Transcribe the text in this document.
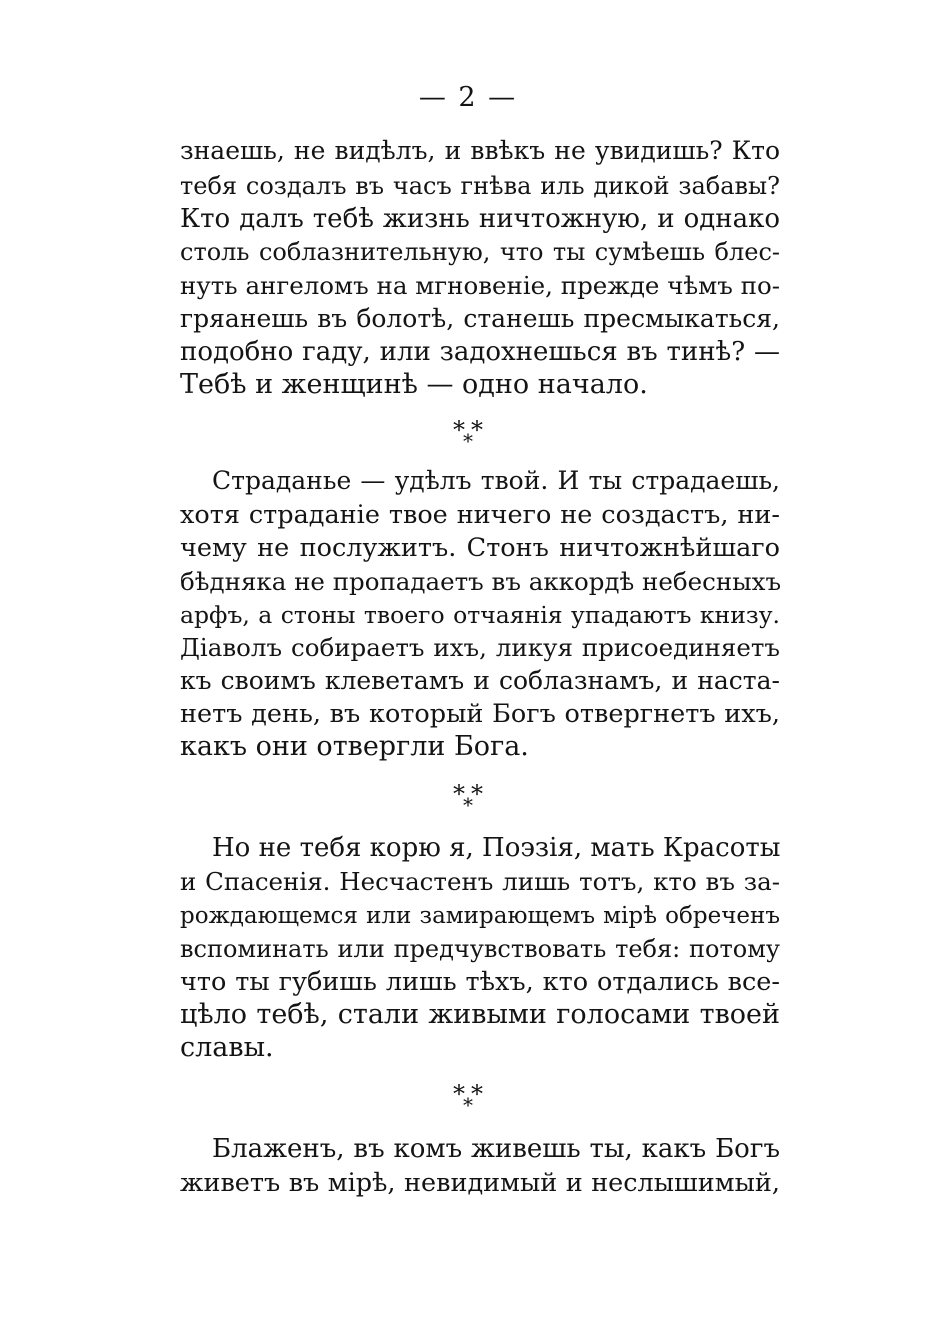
— 2 —
знаешь, не видѣлъ, и ввѣкъ не увидишь? Кто
тебя создалъ въ часъ гнѣва иль дикой забавы?
Кто далъ тебѣ жизнь ничтожную, и однако
столь соблазнительную, что ты сумѣешь блес-
нуть ангеломъ на мгновеніе, прежде чѣмъ по-
гряанешь въ болотѣ, станешь пресмыкаться,
подобно гаду, или задохнешься въ тинѣ? —
Тебѣ и женщинѣ — одно начало.
***
Страданье — удѣлъ твой. И ты страдаешь,
хотя страданіе твое ничего не создастъ, ни-
чему не послужитъ. Стонъ ничтожнѣйшаго
бѣдняка не пропадаетъ въ аккордѣ небесныхъ
арфъ, а стоны твоего отчаянія упадаютъ книзу.
Діаволъ собираетъ ихъ, ликуя присоединяетъ
къ своимъ клеветамъ и соблазнамъ, и наста-
нетъ день, въ который Богъ отвергнетъ ихъ,
какъ они отвергли Бога.
***
Но не тебя корю я, Поэзія, мать Красоты
и Спасенія. Несчастенъ лишь тотъ, кто въ за-
рождающемся или замирающемъ мірѣ обреченъ
вспоминать или предчувствовать тебя: потому
что ты губишь лишь тѣхъ, кто отдались все-
цѣло тебѣ, стали живыми голосами твоей
славы.
***
Блаженъ, въ комъ живешь ты, какъ Богъ
живетъ въ мірѣ, невидимый и неслышимый,
